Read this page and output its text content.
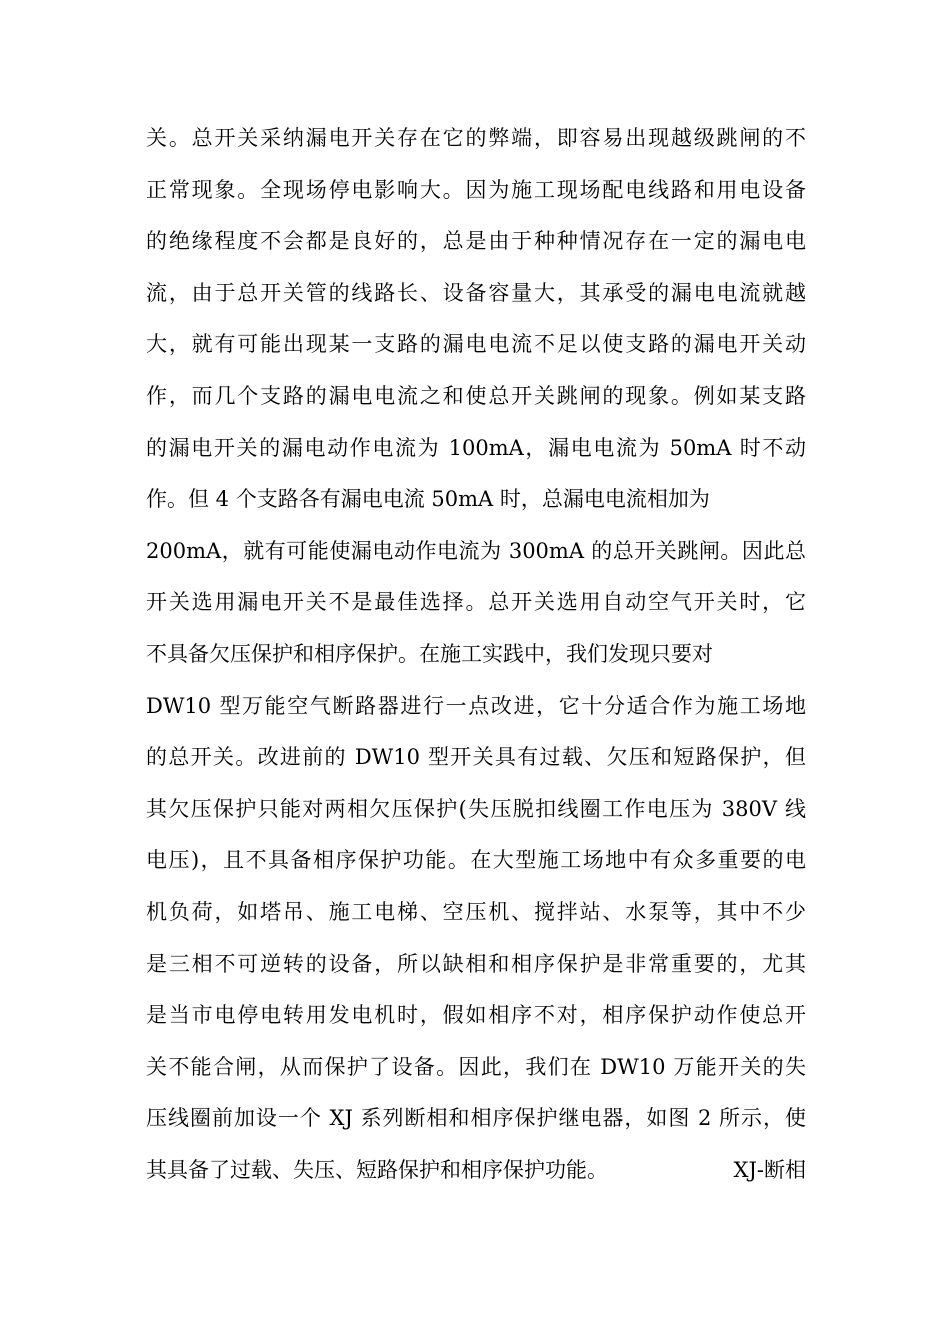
关。总开关采纳漏电开关存在它的弊端，即容易出现越级跳闸的不
正常现象。全现场停电影响大。因为施工现场配电线路和用电设备
的绝缘程度不会都是良好的，总是由于种种情况存在一定的漏电电
流，由于总开关管的线路长、设备容量大，其承受的漏电电流就越
大，就有可能出现某一支路的漏电电流不足以使支路的漏电开关动
作，而几个支路的漏电电流之和使总开关跳闸的现象。例如某支路
的漏电开关的漏电动作电流为 100mA，漏电电流为 50mA 时不动
作。但 4 个支路各有漏电电流 50mA 时，总漏电电流相加为
200mA，就有可能使漏电动作电流为 300mA 的总开关跳闸。因此总
开关选用漏电开关不是最佳选择。总开关选用自动空气开关时，它
不具备欠压保护和相序保护。在施工实践中，我们发现只要对
DW10 型万能空气断路器进行一点改进，它十分适合作为施工场地
的总开关。改进前的 DW10 型开关具有过载、欠压和短路保护，但
其欠压保护只能对两相欠压保护(失压脱扣线圈工作电压为 380V 线
电压)，且不具备相序保护功能。在大型施工场地中有众多重要的电
机负荷，如塔吊、施工电梯、空压机、搅拌站、水泵等，其中不少
是三相不可逆转的设备，所以缺相和相序保护是非常重要的，尤其
是当市电停电转用发电机时，假如相序不对，相序保护动作使总开
关不能合闸，从而保护了设备。因此，我们在 DW10 万能开关的失
压线圈前加设一个 XJ 系列断相和相序保护继电器，如图 2 所示，使
其具备了过载、失压、短路保护和相序保护功能。	XJ-断相
